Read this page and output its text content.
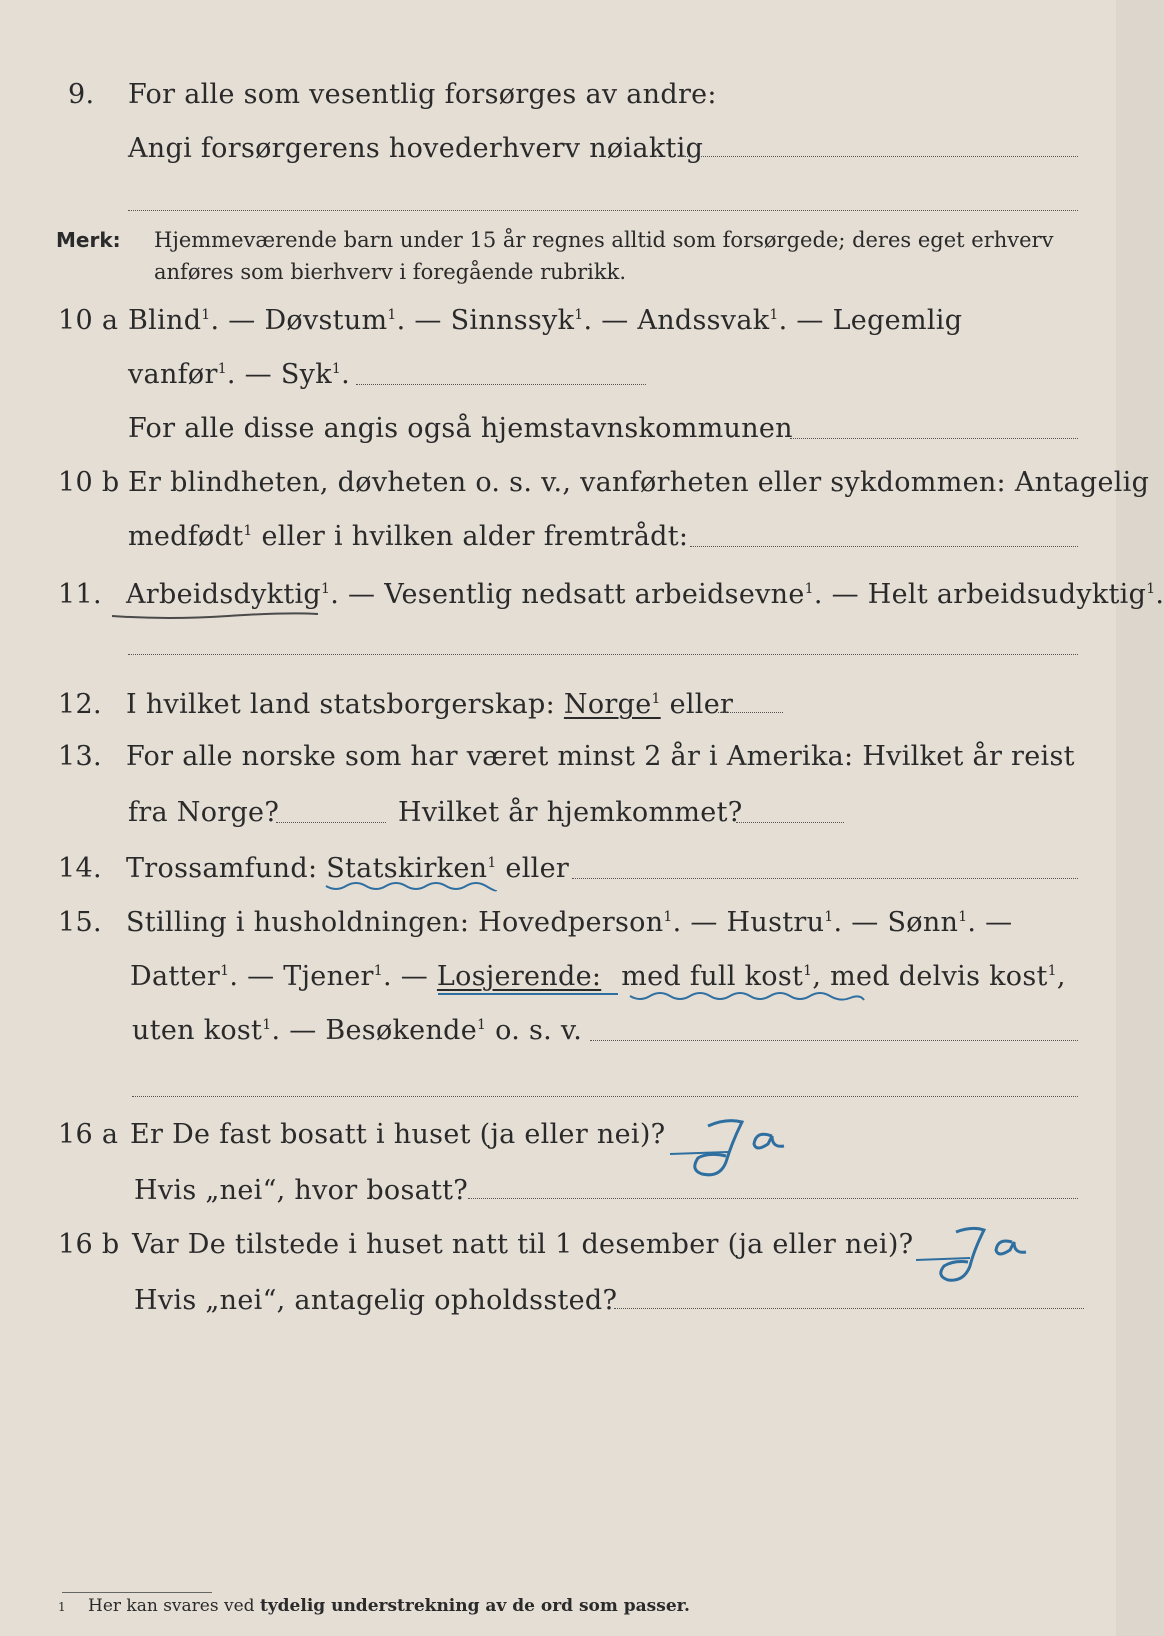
9. For alle som vesentlig forsørges av andre:
Angi forsørgerens hovederhverv nøiaktig
Merk: Hjemmeværende barn under 15 år regnes alltid som forsørgede; deres eget erhverv
anføres som bierhverv i foregående rubrikk.
10 a Blind$^1$. — Døvstum$^1$. — Sinnssyk$^1$. — Andssvak$^1$. — Legemlig
vanfør$^1$. — Syk$^1$.
For alle disse angis også hjemstavnskommunen
10 b Er blindheten, døvheten o. s. v., vanførheten eller sykdommen: Antagelig
medfødt$^1$ eller i hvilken alder fremtrådt:
11. Arbeidsdyktig$^1$. — Vesentlig nedsatt arbeidsevne$^1$. — Helt arbeidsudyktig$^1$.
12. I hvilket land statsborgerskap: Norge$^1$ eller
13. For alle norske som har været minst 2 år i Amerika: Hvilket år reist
fra Norge?	Hvilket år hjemkommet?
14. Trossamfund: Statskirken$^1$ eller
15. Stilling i husholdningen: Hovedperson$^1$. — Hustru$^1$. — Sønn$^1$. —
Datter$^1$. — Tjener$^1$. — Losjerende: med full kost$^1$, med delvis kost$^1$,
uten kost$^1$. — Besøkende$^1$ o. s. v.
16 a Er De fast bosatt i huset (ja eller nei)?
Hvis „nei“, hvor bosatt?
16 b Var De tilstede i huset natt til 1 desember (ja eller nei)?
Hvis „nei“, antagelig opholdssted?
1 Her kan svares ved tydelig understrekning av de ord som passer.
